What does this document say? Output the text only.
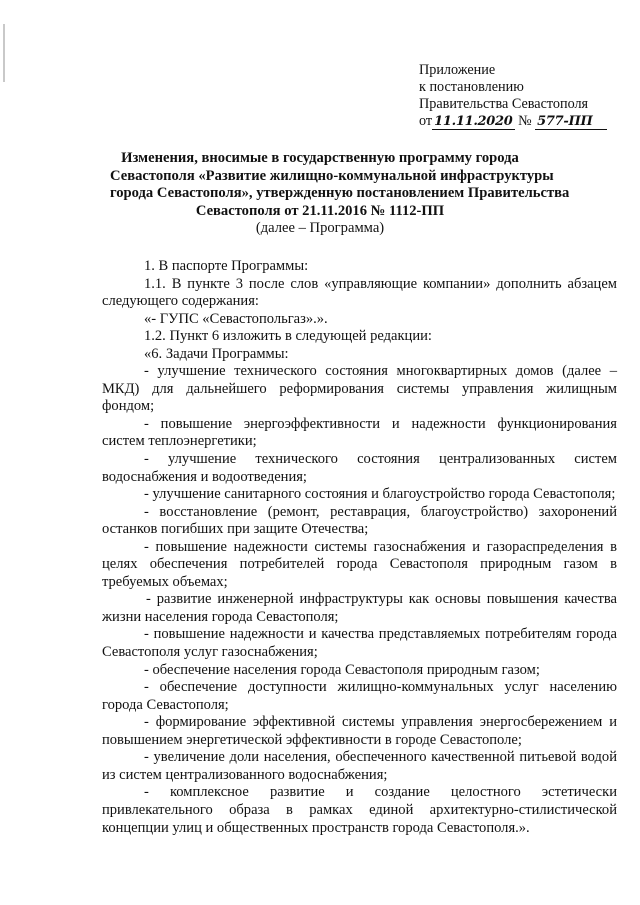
Приложение
к постановлению
Правительства Севастополя
от 11.11.2020 № 577-ПП
Изменения, вносимые в государственную программу города
Севастополя «Развитие жилищно-коммунальной инфраструктуры
города Севастополя», утвержденную постановлением Правительства
Севастополя от 21.11.2016 № 1112-ПП
(далее – Программа)

1. В паспорте Программы:

1.1. В пункте 3 после слов «управляющие компании» дополнить абзацем следующего содержания:

«- ГУПС «Севастопольгаз».».

1.2. Пункт 6 изложить в следующей редакции:

«6. Задачи Программы:

- улучшение технического состояния многоквартирных домов (далее – МКД) для дальнейшего реформирования системы управления жилищным фондом;

- повышение энергоэффективности и надежности функционирования систем теплоэнергетики;

- улучшение технического состояния централизованных систем водоснабжения и водоотведения;

- улучшение санитарного состояния и благоустройство города Севастополя;

- восстановление (ремонт, реставрация, благоустройство) захоронений останков погибших при защите Отечества;

- повышение надежности системы газоснабжения и газораспределения в целях обеспечения потребителей города Севастополя природным газом в требуемых объемах;

- развитие инженерной инфраструктуры как основы повышения качества жизни населения города Севастополя;

- повышение надежности и качества представляемых потребителям города Севастополя услуг газоснабжения;

- обеспечение населения города Севастополя природным газом;

- обеспечение доступности жилищно-коммунальных услуг населению города Севастополя;

- формирование эффективной системы управления энергосбережением и повышением энергетической эффективности в городе Севастополе;

- увеличение доли населения, обеспеченного качественной питьевой водой из систем централизованного водоснабжения;

- комплексное развитие и создание целостного эстетически привлекательного образа в рамках единой архитектурно-стилистической концепции улиц и общественных пространств города Севастополя.».
